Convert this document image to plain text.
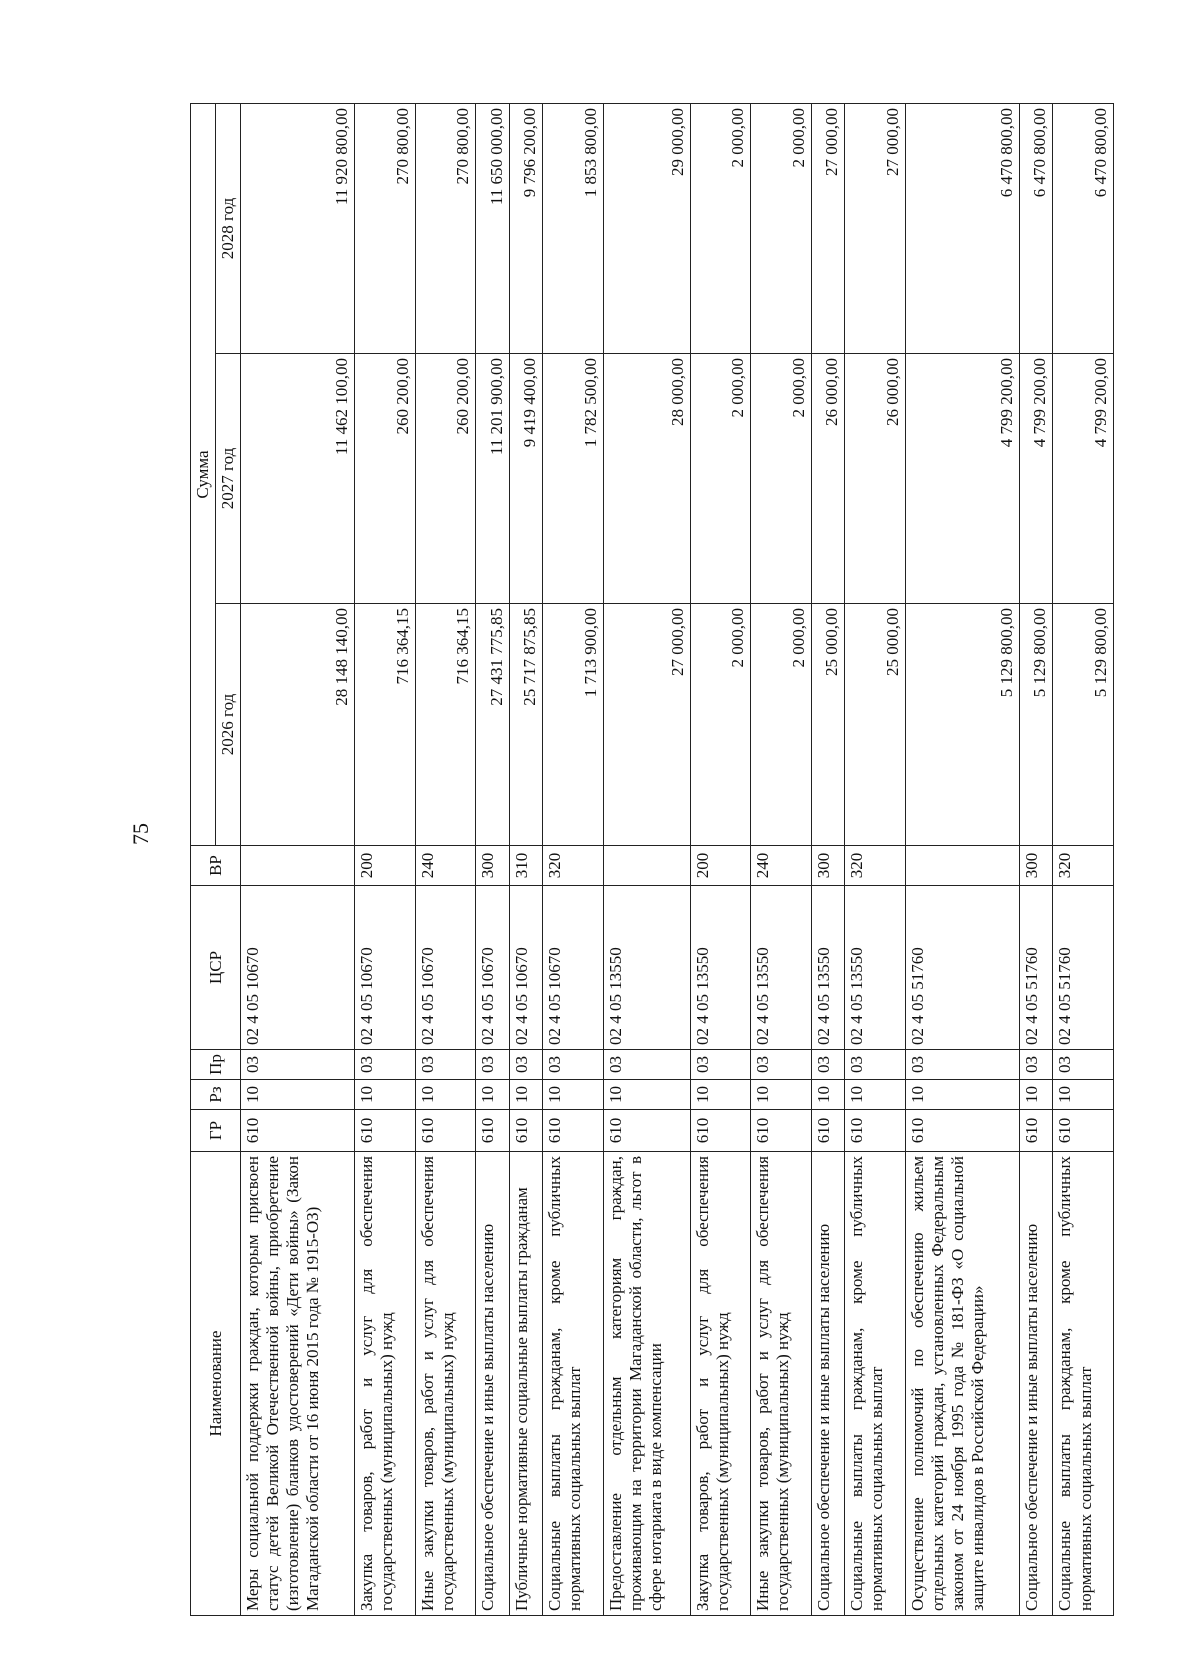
75
Наименование	ГР	Рз	Пр	ЦСР	ВР	Сумма		
						2026 год	2027 год	2028 год
Меры социальной поддержки граждан, которым присвоен статус детей Великой Отечественной войны, приобретение (изготовление) бланков удостоверений «Дети войны» (Закон Магаданской области от 16 июня 2015 года № 1915-ОЗ)	610	10	03	02 4 05 10670		28 148 140,00	11 462 100,00	11 920 800,00
Закупка товаров, работ и услуг для обеспечения государственных (муниципальных) нужд	610	10	03	02 4 05 10670	200	716 364,15	260 200,00	270 800,00
Иные закупки товаров, работ и услуг для обеспечения государственных (муниципальных) нужд	610	10	03	02 4 05 10670	240	716 364,15	260 200,00	270 800,00
Социальное обеспечение и иные выплаты населению	610	10	03	02 4 05 10670	300	27 431 775,85	11 201 900,00	11 650 000,00
Публичные нормативные социальные выплаты гражданам	610	10	03	02 4 05 10670	310	25 717 875,85	9 419 400,00	9 796 200,00
Социальные выплаты гражданам, кроме публичных нормативных социальных выплат	610	10	03	02 4 05 10670	320	1 713 900,00	1 782 500,00	1 853 800,00
Предоставление отдельным категориям граждан, проживающим на территории Магаданской области, льгот в сфере нотариата в виде компенсации	610	10	03	02 4 05 13550		27 000,00	28 000,00	29 000,00
Закупка товаров, работ и услуг для обеспечения государственных (муниципальных) нужд	610	10	03	02 4 05 13550	200	2 000,00	2 000,00	2 000,00
Иные закупки товаров, работ и услуг для обеспечения государственных (муниципальных) нужд	610	10	03	02 4 05 13550	240	2 000,00	2 000,00	2 000,00
Социальное обеспечение и иные выплаты населению	610	10	03	02 4 05 13550	300	25 000,00	26 000,00	27 000,00
Социальные выплаты гражданам, кроме публичных нормативных социальных выплат	610	10	03	02 4 05 13550	320	25 000,00	26 000,00	27 000,00
Осуществление полномочий по обеспечению жильем отдельных категорий граждан, установленных Федеральным законом от 24 ноября 1995 года № 181-ФЗ «О социальной защите инвалидов в Российской Федерации»	610	10	03	02 4 05 51760		5 129 800,00	4 799 200,00	6 470 800,00
Социальное обеспечение и иные выплаты населению	610	10	03	02 4 05 51760	300	5 129 800,00	4 799 200,00	6 470 800,00
Социальные выплаты гражданам, кроме публичных нормативных социальных выплат	610	10	03	02 4 05 51760	320	5 129 800,00	4 799 200,00	6 470 800,00
